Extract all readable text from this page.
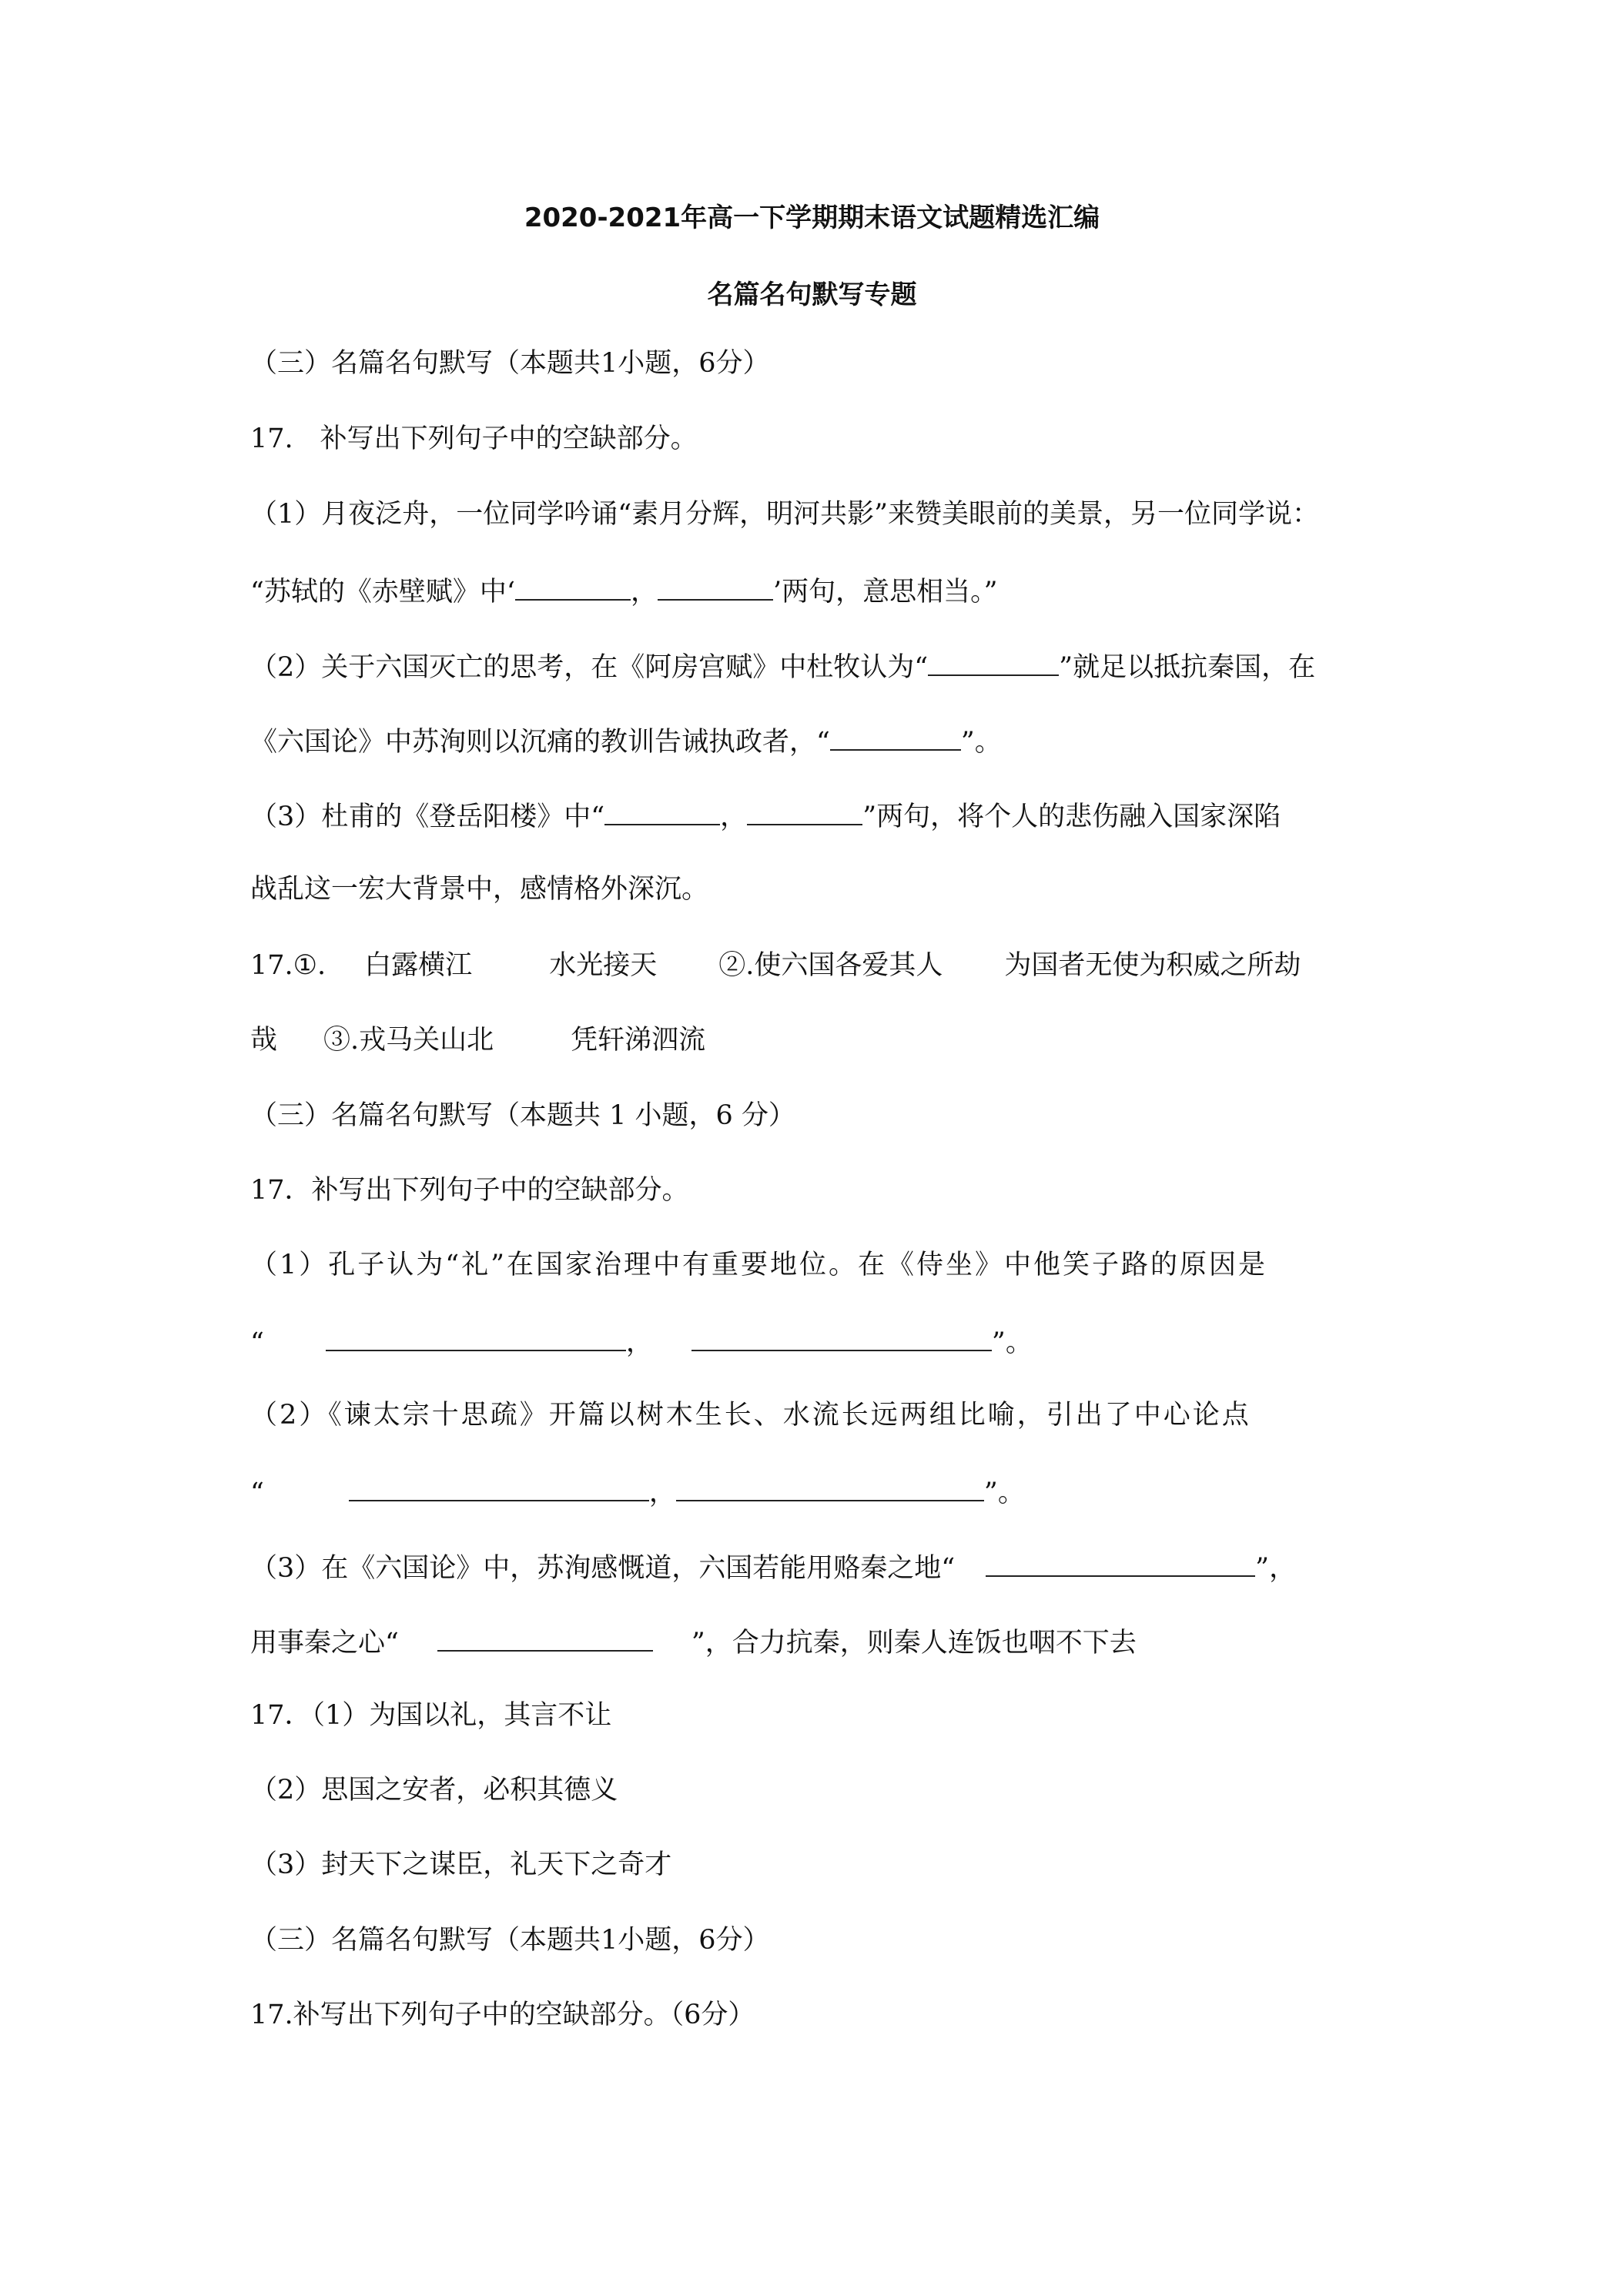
2020-2021年高一下学期期末语文试题精选汇编
名篇名句默写专题
（三）名篇名句默写（本题共1小题，6分）
17.　补写出下列句子中的空缺部分。
（1）月夜泛舟，一位同学吟诵“素月分辉，明河共影”来赞美眼前的美景，另一位同学说：
“苏轼的《赤壁赋》中‘	，	’两句，意思相当。”
（2）关于六国灭亡的思考，在《阿房宫赋》中杜牧认为“	”就足以抵抗秦国，在
《六国论》中苏洵则以沉痛的教训告诫执政者，“	”。
（3）杜甫的《登岳阳楼》中“	，	”两句，将个人的悲伤融入国家深陷
战乱这一宏大背景中，感情格外深沉。
17.①. 白露横江	水光接天 ②.使六国各爱其人 为国者无使为积威之所劫
哉 ③.戎马关山北	凭轩涕泗流
（三）名篇名句默写（本题共 1 小题，6 分）
17．补写出下列句子中的空缺部分。
（1）孔子认为“礼”在国家治理中有重要地位。在《侍坐》中他笑子路的原因是
“	，	”。
（2）《谏太宗十思疏》开篇以树木生长、水流长远两组比喻，引出了中心论点
“	，	”。
（3）在《六国论》中，苏洵感慨道，六国若能用赂秦之地“	”，
用事秦之心“	”，合力抗秦，则秦人连饭也咽不下去
17．（1）为国以礼，其言不让
（2）思国之安者，必积其德义
（3）封天下之谋臣，礼天下之奇才
（三）名篇名句默写（本题共1小题，6分）
17.补写出下列句子中的空缺部分。（6分）
